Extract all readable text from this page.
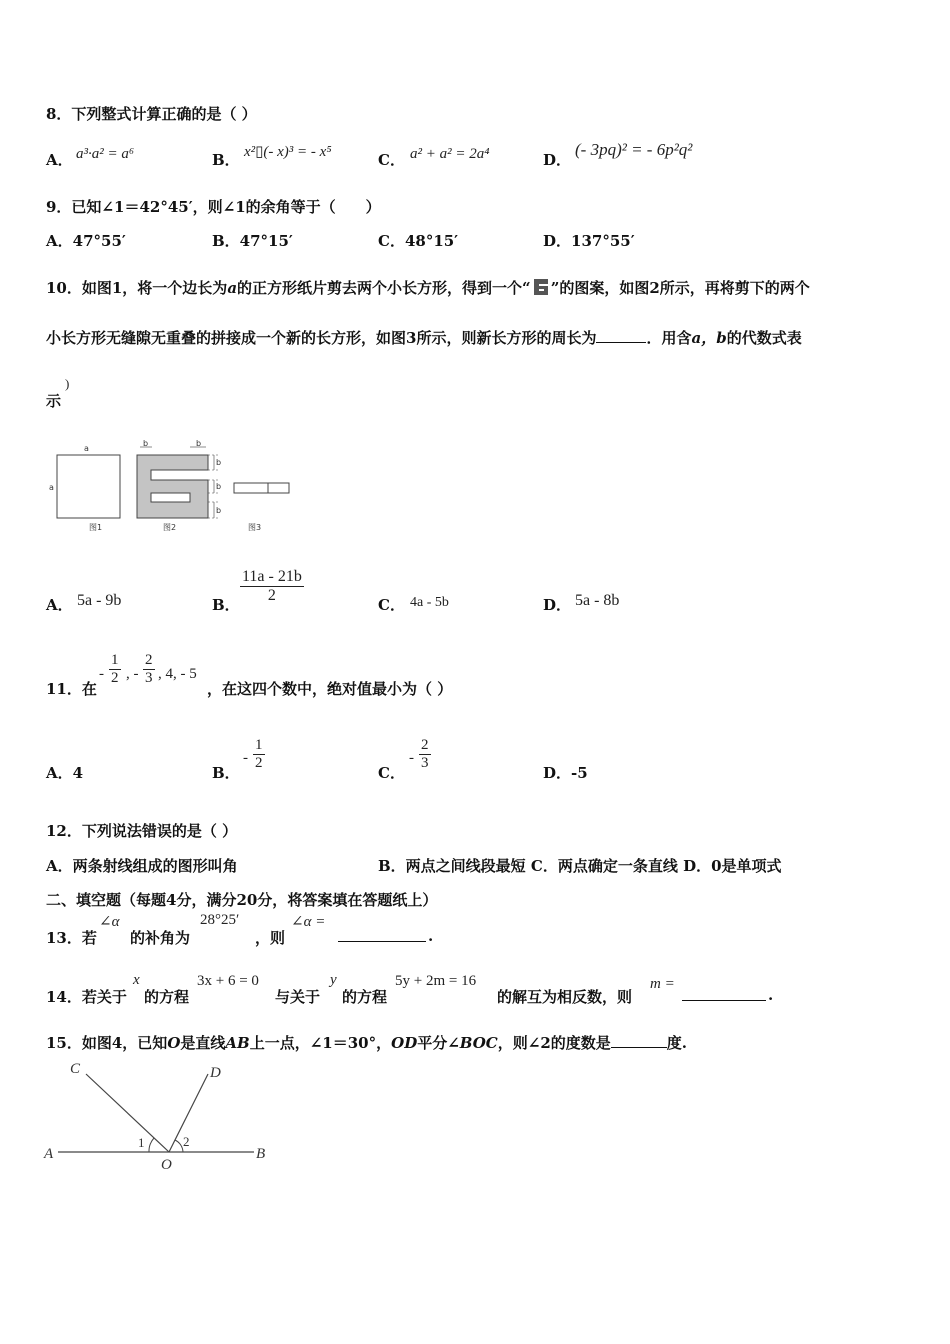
8．下列整式计算正确的是（ ）
A． a³·a² = a⁶	B． x²▯(- x)³ = - x⁵	C． a² + a² = 2a⁴	D．
(- 3pq)² = - 6p²q²
9．已知∠1＝42°45′，则∠1的余角等于（　　）
A．47°55′	B．47°15′	C．48°15′	D．137°55′
10．如图1，将一个边长为a的正方形纸片剪去两个小长方形，得到一个“ ”的图案，如图2所示，再将剪下的两个
小长方形无缝隙无重叠的拼接成一个新的长方形，如图3所示，则新长方形的周长为	．用含a，b的代数式表
示
)
a
a
图1
b	b
b
b
b
图2	图3
A． 5a - 9b	B．
11a - 21b
2
C． 4a - 5b	D． 5a - 8b
11．在
-
1
2 , -
2
3 , 4, - 5
，在这四个数中，绝对值最小为（ ）
A．4	B．
-
1
2
C．
-
2
3
D．-5
12．下列说法错误的是（ ）
A．两条射线组成的图形叫角	B．两点之间线段最短 C．两点确定一条直线 D．0是单项式
二、填空题（每题4分，满分20分，将答案填在答题纸上）
13．若
∠α
的补角为
28°25′
，则
∠α =
.
14．若关于
x
的方程
3x + 6 = 0
与关于
y
的方程
5y + 2m = 16
的解互为相反数，则
m =
.
15．如图4，已知O是直线AB上一点，∠1＝30°，OD平分∠BOC，则∠2的度数是	度.
A	B
C	D
O
1	2
